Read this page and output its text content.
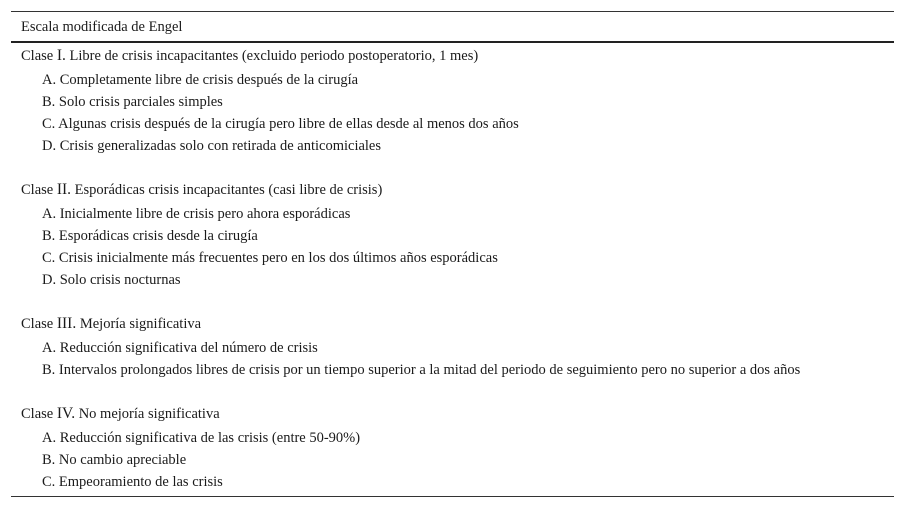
Escala modificada de Engel
Clase I. Libre de crisis incapacitantes (excluido periodo postoperatorio, 1 mes)
A. Completamente libre de crisis después de la cirugía
B. Solo crisis parciales simples
C. Algunas crisis después de la cirugía pero libre de ellas desde al menos dos años
D. Crisis generalizadas solo con retirada de anticomiciales
Clase II. Esporádicas crisis incapacitantes (casi libre de crisis)
A. Inicialmente libre de crisis pero ahora esporádicas
B. Esporádicas crisis desde la cirugía
C. Crisis inicialmente más frecuentes pero en los dos últimos años esporádicas
D. Solo crisis nocturnas
Clase III. Mejoría significativa
A. Reducción significativa del número de crisis
B. Intervalos prolongados libres de crisis por un tiempo superior a la mitad del periodo de seguimiento pero no superior a dos años
Clase IV. No mejoría significativa
A. Reducción significativa de las crisis (entre 50-90%)
B. No cambio apreciable
C. Empeoramiento de las crisis
